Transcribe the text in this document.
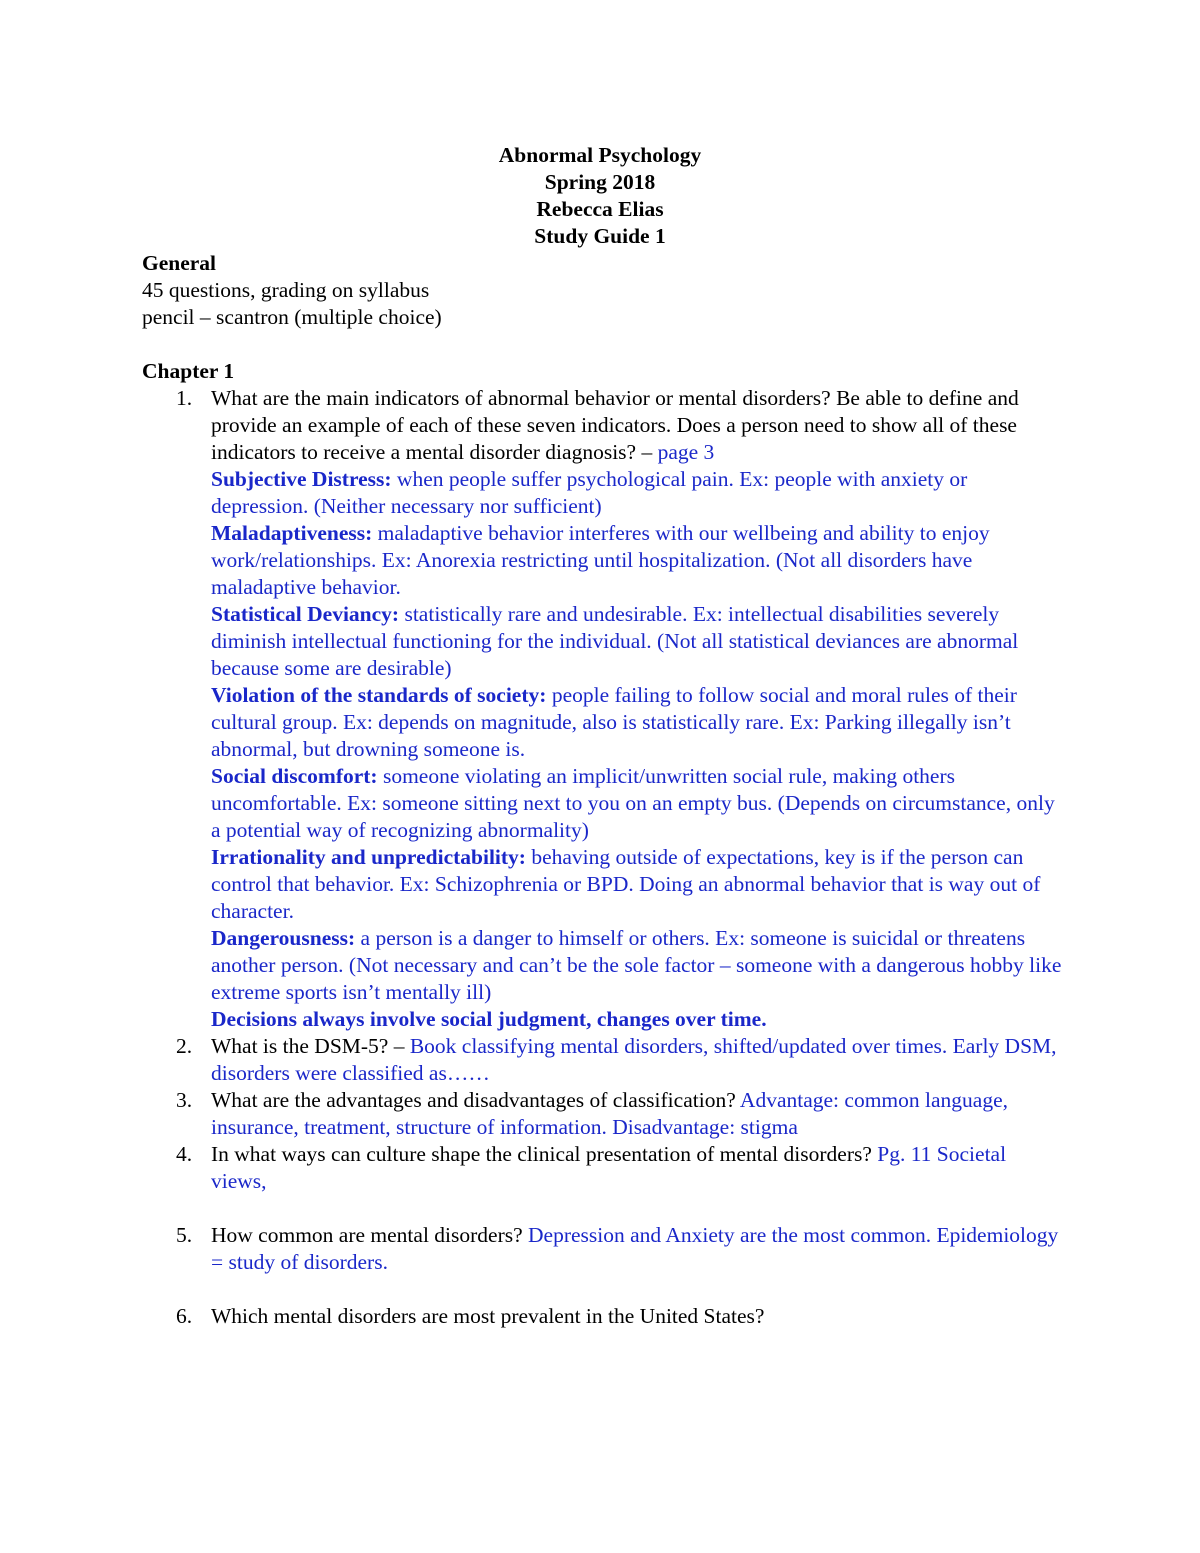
Abnormal Psychology
Spring 2018
Rebecca Elias
Study Guide 1
General
45 questions, grading on syllabus
pencil – scantron (multiple choice)
Chapter 1
1. What are the main indicators of abnormal behavior or mental disorders? Be able to define and provide an example of each of these seven indicators. Does a person need to show all of these indicators to receive a mental disorder diagnosis? – page 3
Subjective Distress: when people suffer psychological pain. Ex: people with anxiety or depression. (Neither necessary nor sufficient)
Maladaptiveness: maladaptive behavior interferes with our wellbeing and ability to enjoy work/relationships. Ex: Anorexia restricting until hospitalization. (Not all disorders have maladaptive behavior.
Statistical Deviancy: statistically rare and undesirable. Ex: intellectual disabilities severely diminish intellectual functioning for the individual. (Not all statistical deviances are abnormal because some are desirable)
Violation of the standards of society: people failing to follow social and moral rules of their cultural group. Ex: depends on magnitude, also is statistically rare. Ex: Parking illegally isn’t abnormal, but drowning someone is.
Social discomfort: someone violating an implicit/unwritten social rule, making others uncomfortable. Ex: someone sitting next to you on an empty bus. (Depends on circumstance, only a potential way of recognizing abnormality)
Irrationality and unpredictability: behaving outside of expectations, key is if the person can control that behavior. Ex: Schizophrenia or BPD. Doing an abnormal behavior that is way out of character.
Dangerousness: a person is a danger to himself or others. Ex: someone is suicidal or threatens another person. (Not necessary and can’t be the sole factor – someone with a dangerous hobby like extreme sports isn’t mentally ill)
Decisions always involve social judgment, changes over time.
2. What is the DSM-5? – Book classifying mental disorders, shifted/updated over times. Early DSM, disorders were classified as……
3. What are the advantages and disadvantages of classification? Advantage: common language, insurance, treatment, structure of information. Disadvantage: stigma
4. In what ways can culture shape the clinical presentation of mental disorders? Pg. 11 Societal views,
5. How common are mental disorders? Depression and Anxiety are the most common. Epidemiology = study of disorders.
6. Which mental disorders are most prevalent in the United States?
